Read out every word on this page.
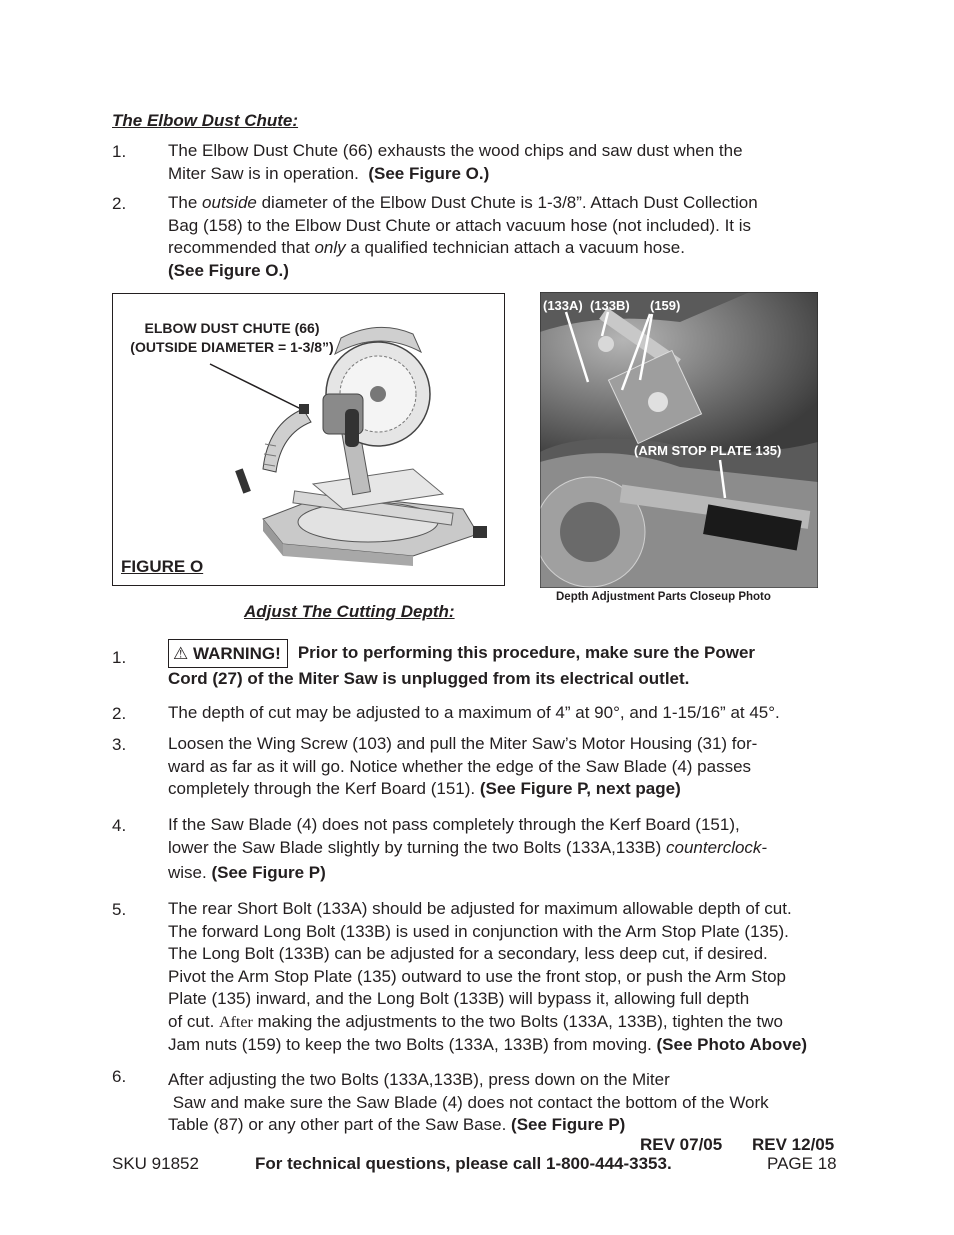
The Elbow Dust Chute:
1. The Elbow Dust Chute (66) exhausts the wood chips and saw dust when the
Miter Saw is in operation. (See Figure O.)
2. The outside diameter of the Elbow Dust Chute is 1-3/8”. Attach Dust Collection
Bag (158) to the Elbow Dust Chute or attach vacuum hose (not included). It is
recommended that only a qualified technician attach a vacuum hose.
(See Figure O.)
ELBOW DUST CHUTE (66)
(OUTSIDE DIAMETER = 1-3/8”)
FIGURE O
(133A) (133B) (159)
(ARM STOP PLATE 135)
Depth Adjustment Parts Closeup Photo
Adjust The Cutting Depth:
1.	⚠ WARNING! Prior to performing this procedure, make sure the Power
Cord (27) of the Miter Saw is unplugged from its electrical outlet.
2. The depth of cut may be adjusted to a maximum of 4” at 90°, and 1-15/16” at 45°.
3. Loosen the Wing Screw (103) and pull the Miter Saw’s Motor Housing (31) for-
ward as far as it will go. Notice whether the edge of the Saw Blade (4) passes
completely through the Kerf Board (151). (See Figure P, next page)
4. If the Saw Blade (4) does not pass completely through the Kerf Board (151),
lower the Saw Blade slightly by turning the two Bolts (133A,133B) counterclock-
wise. (See Figure P)
5. The rear Short Bolt (133A) should be adjusted for maximum allowable depth of cut.
The forward Long Bolt (133B) is used in conjunction with the Arm Stop Plate (135).
The Long Bolt (133B) can be adjusted for a secondary, less deep cut, if desired.
Pivot the Arm Stop Plate (135) outward to use the front stop, or push the Arm Stop
Plate (135) inward, and the Long Bolt (133B) will bypass it, allowing full depth
of cut. After making the adjustments to the two Bolts (133A, 133B), tighten the two
Jam nuts (159) to keep the two Bolts (133A, 133B) from moving. (See Photo Above)
6. After adjusting the two Bolts (133A,133B), press down on the Miter
Saw and make sure the Saw Blade (4) does not contact the bottom of the Work
Table (87) or any other part of the Saw Base. (See Figure P)
REV 07/05 REV 12/05
SKU 91852	For technical questions, please call 1-800-444-3353.	PAGE 18
